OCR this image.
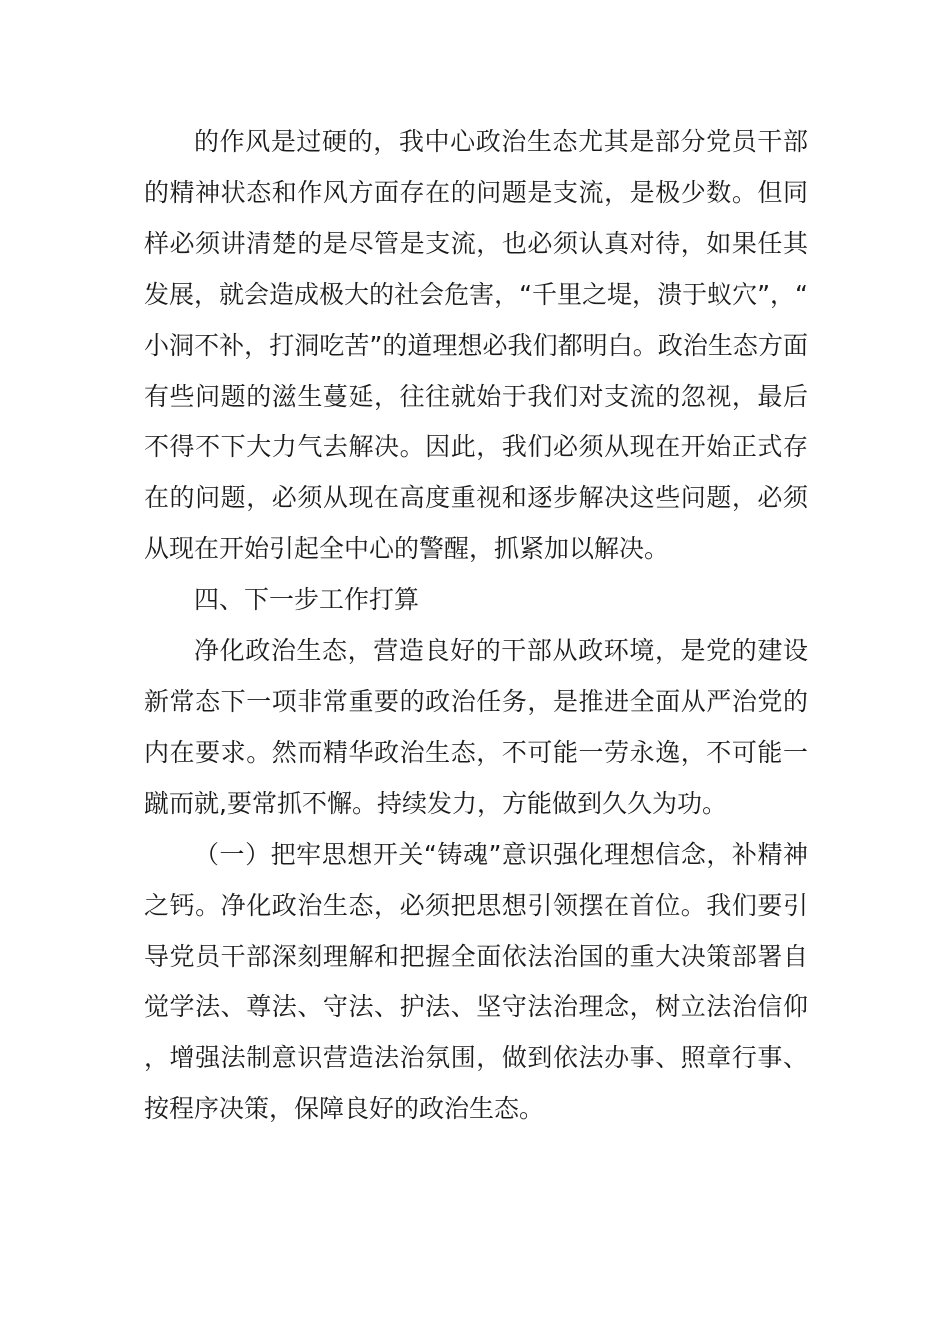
的作风是过硬的，我中心政治生态尤其是部分党员干部的精神状态和作风方面存在的问题是支流，是极少数。但同样必须讲清楚的是尽管是支流，也必须认真对待，如果任其发展，就会造成极大的社会危害，“千里之堤，溃于蚁穴”，“小洞不补，打洞吃苦”的道理想必我们都明白。政治生态方面有些问题的滋生蔓延，往往就始于我们对支流的忽视，最后不得不下大力气去解决。因此，我们必须从现在开始正式存在的问题，必须从现在高度重视和逐步解决这些问题，必须从现在开始引起全中心的警醒，抓紧加以解决。

四、下一步工作打算

净化政治生态，营造良好的干部从政环境，是党的建设新常态下一项非常重要的政治任务，是推进全面从严治党的内在要求。然而精华政治生态，不可能一劳永逸，不可能一蹴而就,要常抓不懈。持续发力，方能做到久久为功。

（一）把牢思想开关“铸魂”意识强化理想信念，补精神之钙。净化政治生态，必须把思想引领摆在首位。我们要引导党员干部深刻理解和把握全面依法治国的重大决策部署自觉学法、尊法、守法、护法、坚守法治理念，树立法治信仰，增强法制意识营造法治氛围，做到依法办事、照章行事、按程序决策，保障良好的政治生态。
